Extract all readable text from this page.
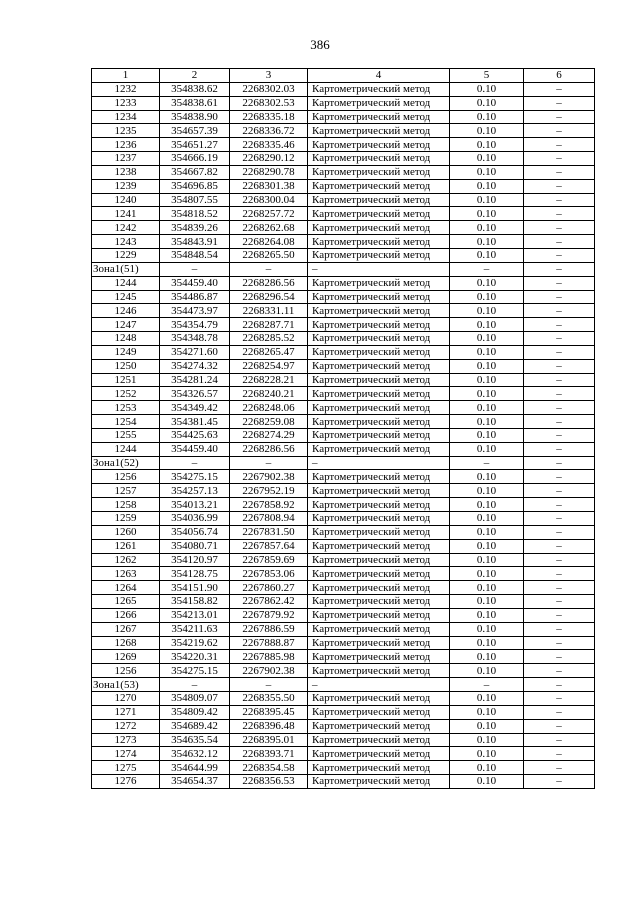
386
1	2	3	4	5	6
1232	354838.62	2268302.03	Картометрический метод	0.10	–
1233	354838.61	2268302.53	Картометрический метод	0.10	–
1234	354838.90	2268335.18	Картометрический метод	0.10	–
1235	354657.39	2268336.72	Картометрический метод	0.10	–
1236	354651.27	2268335.46	Картометрический метод	0.10	–
1237	354666.19	2268290.12	Картометрический метод	0.10	–
1238	354667.82	2268290.78	Картометрический метод	0.10	–
1239	354696.85	2268301.38	Картометрический метод	0.10	–
1240	354807.55	2268300.04	Картометрический метод	0.10	–
1241	354818.52	2268257.72	Картометрический метод	0.10	–
1242	354839.26	2268262.68	Картометрический метод	0.10	–
1243	354843.91	2268264.08	Картометрический метод	0.10	–
1229	354848.54	2268265.50	Картометрический метод	0.10	–
Зона1(51)	–	–	–	–	–
1244	354459.40	2268286.56	Картометрический метод	0.10	–
1245	354486.87	2268296.54	Картометрический метод	0.10	–
1246	354473.97	2268331.11	Картометрический метод	0.10	–
1247	354354.79	2268287.71	Картометрический метод	0.10	–
1248	354348.78	2268285.52	Картометрический метод	0.10	–
1249	354271.60	2268265.47	Картометрический метод	0.10	–
1250	354274.32	2268254.97	Картометрический метод	0.10	–
1251	354281.24	2268228.21	Картометрический метод	0.10	–
1252	354326.57	2268240.21	Картометрический метод	0.10	–
1253	354349.42	2268248.06	Картометрический метод	0.10	–
1254	354381.45	2268259.08	Картометрический метод	0.10	–
1255	354425.63	2268274.29	Картометрический метод	0.10	–
1244	354459.40	2268286.56	Картометрический метод	0.10	–
Зона1(52)	–	–	–	–	–
1256	354275.15	2267902.38	Картометрический метод	0.10	–
1257	354257.13	2267952.19	Картометрический метод	0.10	–
1258	354013.21	2267858.92	Картометрический метод	0.10	–
1259	354036.99	2267808.94	Картометрический метод	0.10	–
1260	354056.74	2267831.50	Картометрический метод	0.10	–
1261	354080.71	2267857.64	Картометрический метод	0.10	–
1262	354120.97	2267859.69	Картометрический метод	0.10	–
1263	354128.75	2267853.06	Картометрический метод	0.10	–
1264	354151.90	2267860.27	Картометрический метод	0.10	–
1265	354158.82	2267862.42	Картометрический метод	0.10	–
1266	354213.01	2267879.92	Картометрический метод	0.10	–
1267	354211.63	2267886.59	Картометрический метод	0.10	–
1268	354219.62	2267888.87	Картометрический метод	0.10	–
1269	354220.31	2267885.98	Картометрический метод	0.10	–
1256	354275.15	2267902.38	Картометрический метод	0.10	–
Зона1(53)	–	–	–	–	–
1270	354809.07	2268355.50	Картометрический метод	0.10	–
1271	354809.42	2268395.45	Картометрический метод	0.10	–
1272	354689.42	2268396.48	Картометрический метод	0.10	–
1273	354635.54	2268395.01	Картометрический метод	0.10	–
1274	354632.12	2268393.71	Картометрический метод	0.10	–
1275	354644.99	2268354.58	Картометрический метод	0.10	–
1276	354654.37	2268356.53	Картометрический метод	0.10	–
